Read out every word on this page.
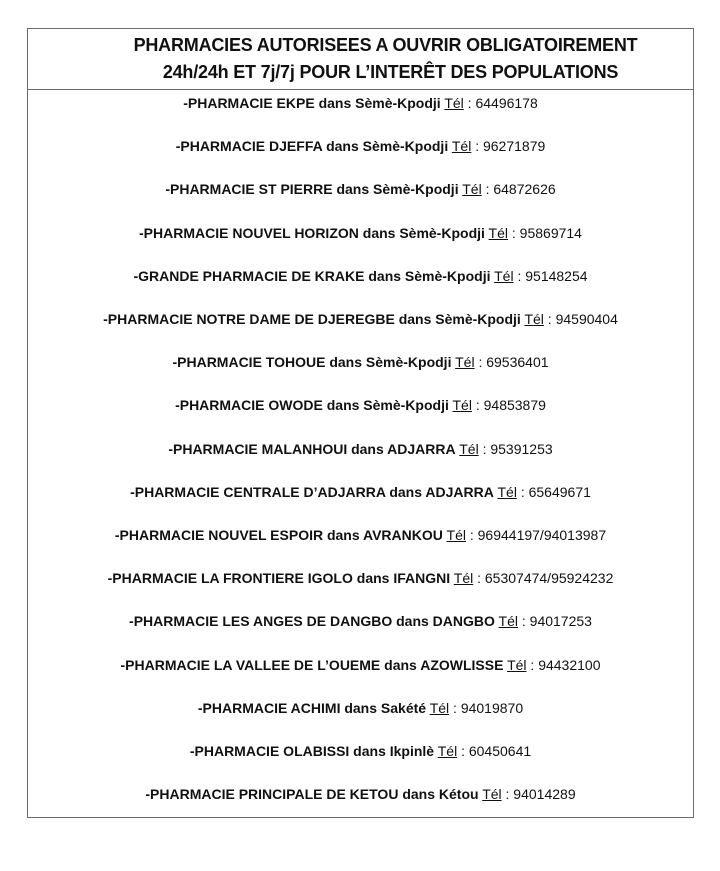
PHARMACIES AUTORISEES A OUVRIR OBLIGATOIREMENT
24h/24h ET 7j/7j POUR L’INTERÊT DES POPULATIONS
-PHARMACIE EKPE dans Sèmè-Kpodji Tél : 64496178
-PHARMACIE DJEFFA dans Sèmè-Kpodji Tél : 96271879
-PHARMACIE ST PIERRE dans Sèmè-Kpodji Tél : 64872626
-PHARMACIE NOUVEL HORIZON dans Sèmè-Kpodji Tél : 95869714
-GRANDE PHARMACIE DE KRAKE dans Sèmè-Kpodji Tél : 95148254
-PHARMACIE NOTRE DAME DE DJEREGBE dans Sèmè-Kpodji Tél : 94590404
-PHARMACIE TOHOUE dans Sèmè-Kpodji Tél : 69536401
-PHARMACIE OWODE dans Sèmè-Kpodji Tél : 94853879
-PHARMACIE MALANHOUI dans ADJARRA Tél : 95391253
-PHARMACIE CENTRALE D’ADJARRA dans ADJARRA Tél : 65649671
-PHARMACIE NOUVEL ESPOIR dans AVRANKOU Tél : 96944197/94013987
-PHARMACIE LA FRONTIERE IGOLO dans IFANGNI Tél : 65307474/95924232
-PHARMACIE LES ANGES DE DANGBO dans DANGBO Tél : 94017253
-PHARMACIE LA VALLEE DE L’OUEME dans AZOWLISSE Tél : 94432100
-PHARMACIE ACHIMI dans Sakété Tél : 94019870
-PHARMACIE OLABISSI dans Ikpinlè Tél : 60450641
-PHARMACIE PRINCIPALE DE KETOU dans Kétou Tél : 94014289
